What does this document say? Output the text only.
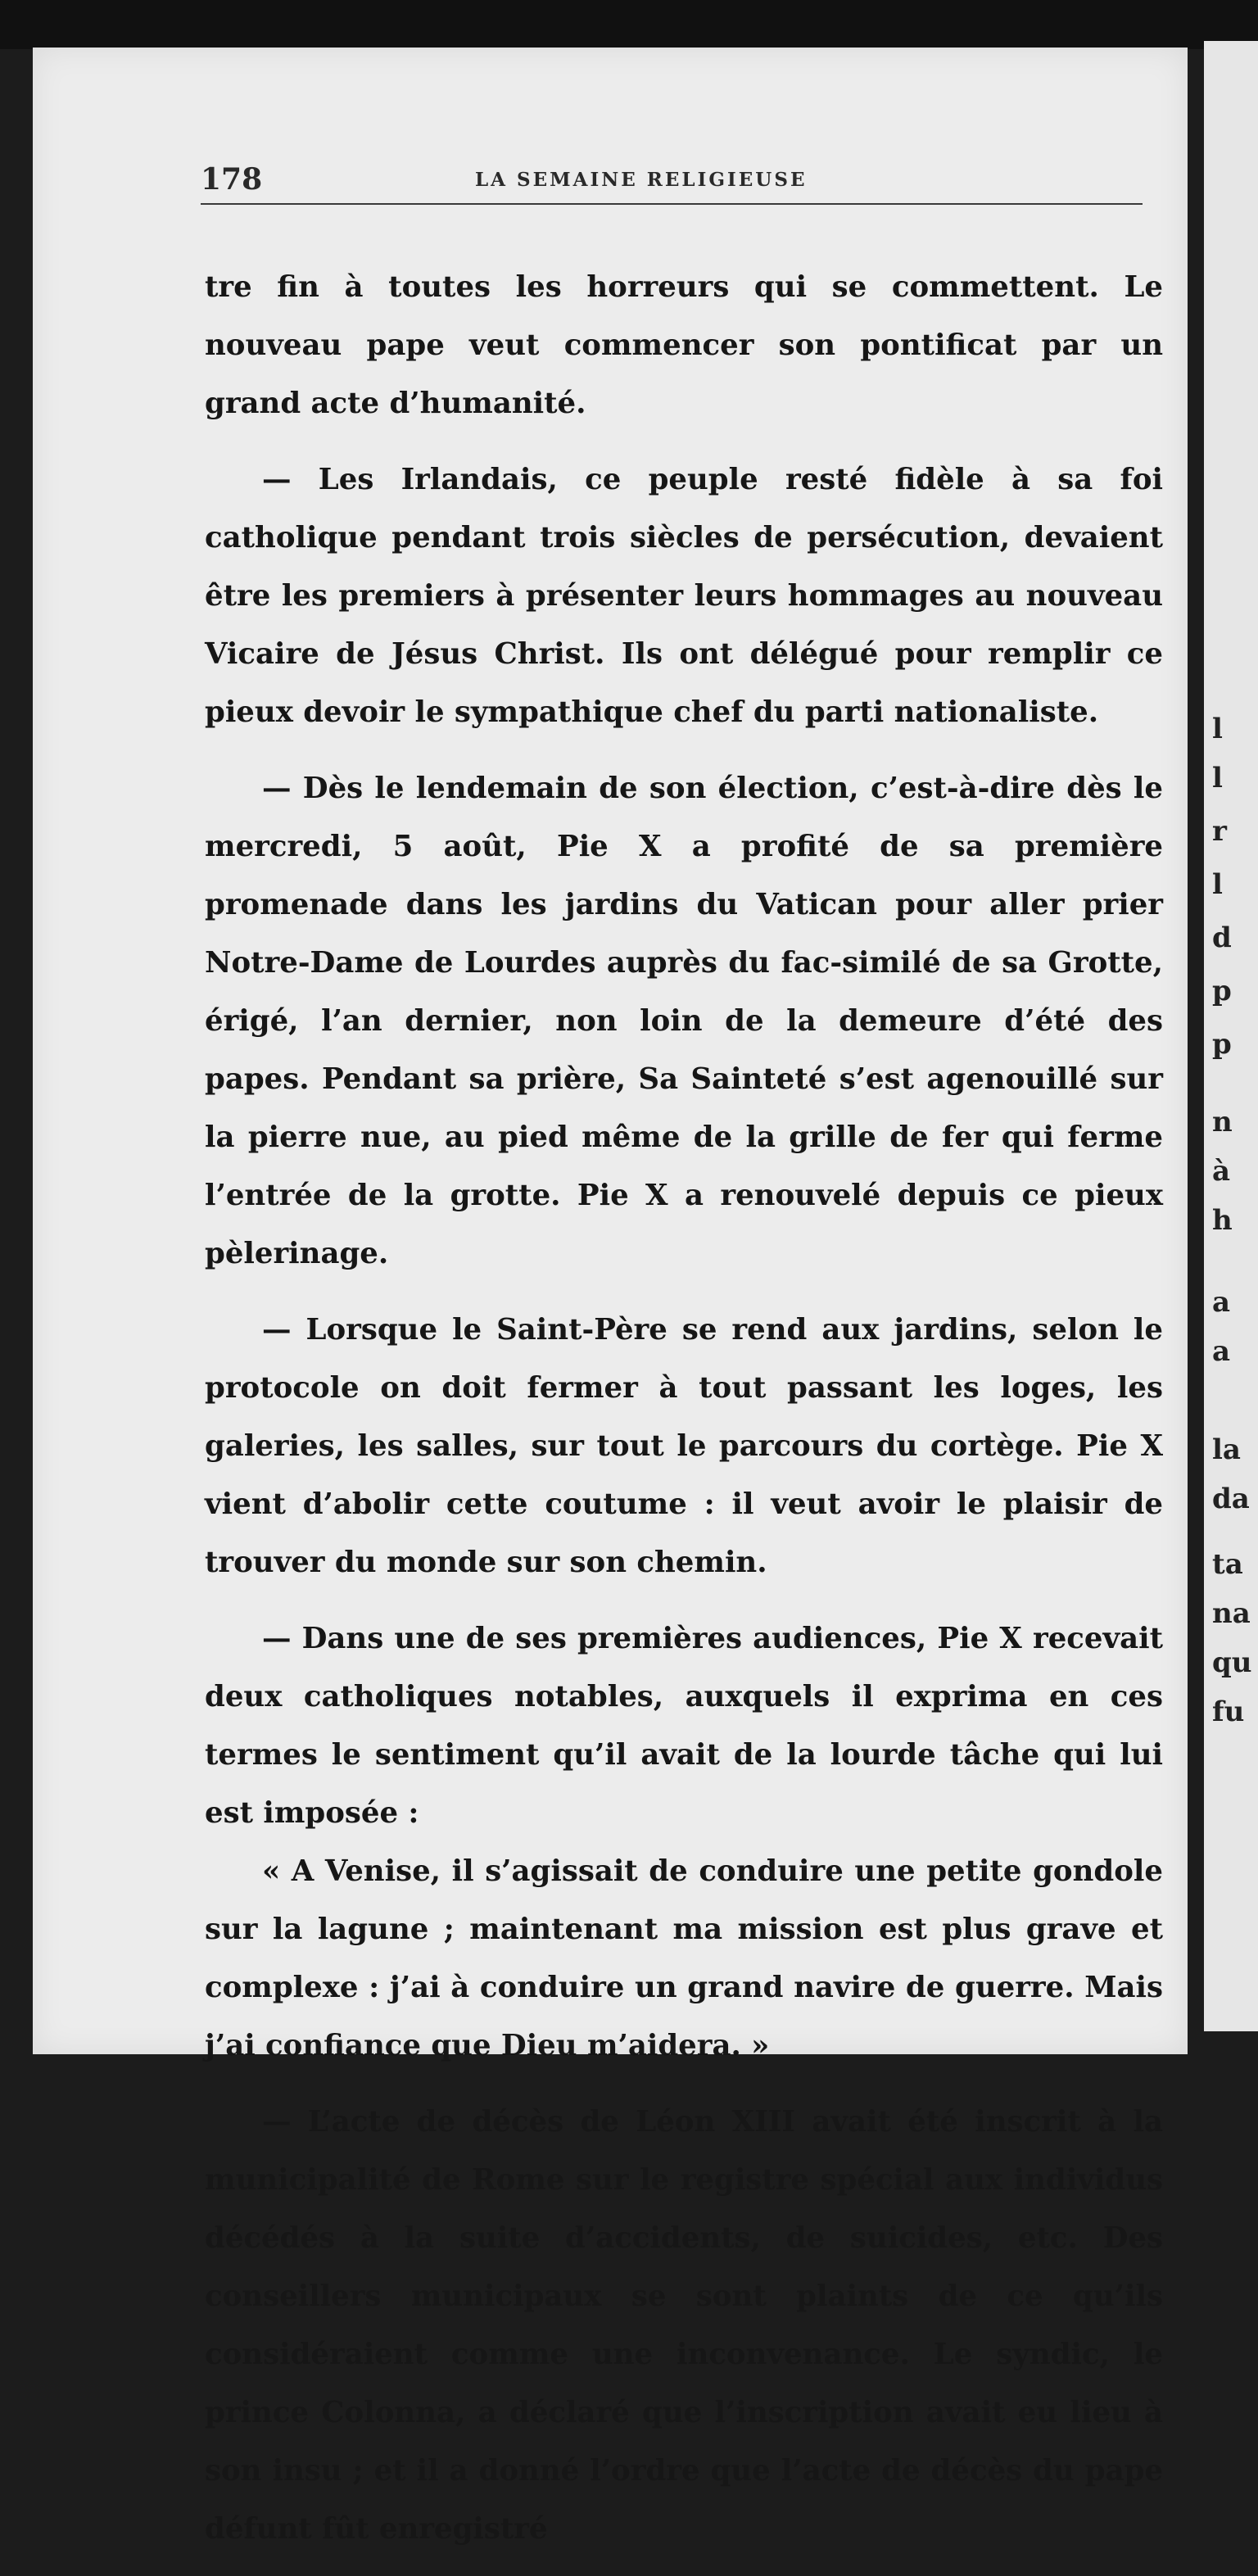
l
l
r
l
d
p
p
n
à
h
a
a
la
da
ta
na
qu
fu
178	LA SEMAINE RELIGIEUSE

tre fin à toutes les horreurs qui se commettent. Le nouveau pape veut commencer son pontificat par un grand acte d’humanité.

— Les Irlandais, ce peuple resté fidèle à sa foi catholique pendant trois siècles de persécution, devaient être les premiers à présenter leurs hommages au nouveau Vicaire de Jésus Christ. Ils ont délégué pour remplir ce pieux devoir le sympathique chef du parti nationaliste.

— Dès le lendemain de son élection, c’est-à-dire dès le mercredi, 5 août, Pie X a profité de sa première promenade dans les jardins du Vatican pour aller prier Notre-Dame de Lourdes auprès du fac-similé de sa Grotte, érigé, l’an dernier, non loin de la demeure d’été des papes. Pendant sa prière, Sa Sainteté s’est agenouillé sur la pierre nue, au pied même de la grille de fer qui ferme l’entrée de la grotte. Pie X a renouvelé depuis ce pieux pèlerinage.

— Lorsque le Saint-Père se rend aux jardins, selon le protocole on doit fermer à tout passant les loges, les galeries, les salles, sur tout le parcours du cortège. Pie X vient d’abolir cette coutume : il veut avoir le plaisir de trouver du monde sur son chemin.

— Dans une de ses premières audiences, Pie X recevait deux catholiques notables, auxquels il exprima en ces termes le sentiment qu’il avait de la lourde tâche qui lui est imposée :

« A Venise, il s’agissait de conduire une petite gondole sur la lagune ; maintenant ma mission est plus grave et complexe : j’ai à conduire un grand navire de guerre. Mais j’ai confiance que Dieu m’aidera. »

— L’acte de décès de Léon XIII avait été inscrit à la municipalité de Rome sur le registre spécial aux individus décédés à la suite d’accidents, de suicides, etc. Des conseillers municipaux se sont plaints de ce qu’ils considéraient comme une inconvenance. Le syndic, le prince Colonna, a déclaré que l’inscription avait eu lieu à son insu ; et il a donné l’ordre que l’acte de décès du pape défunt fût enregistré
